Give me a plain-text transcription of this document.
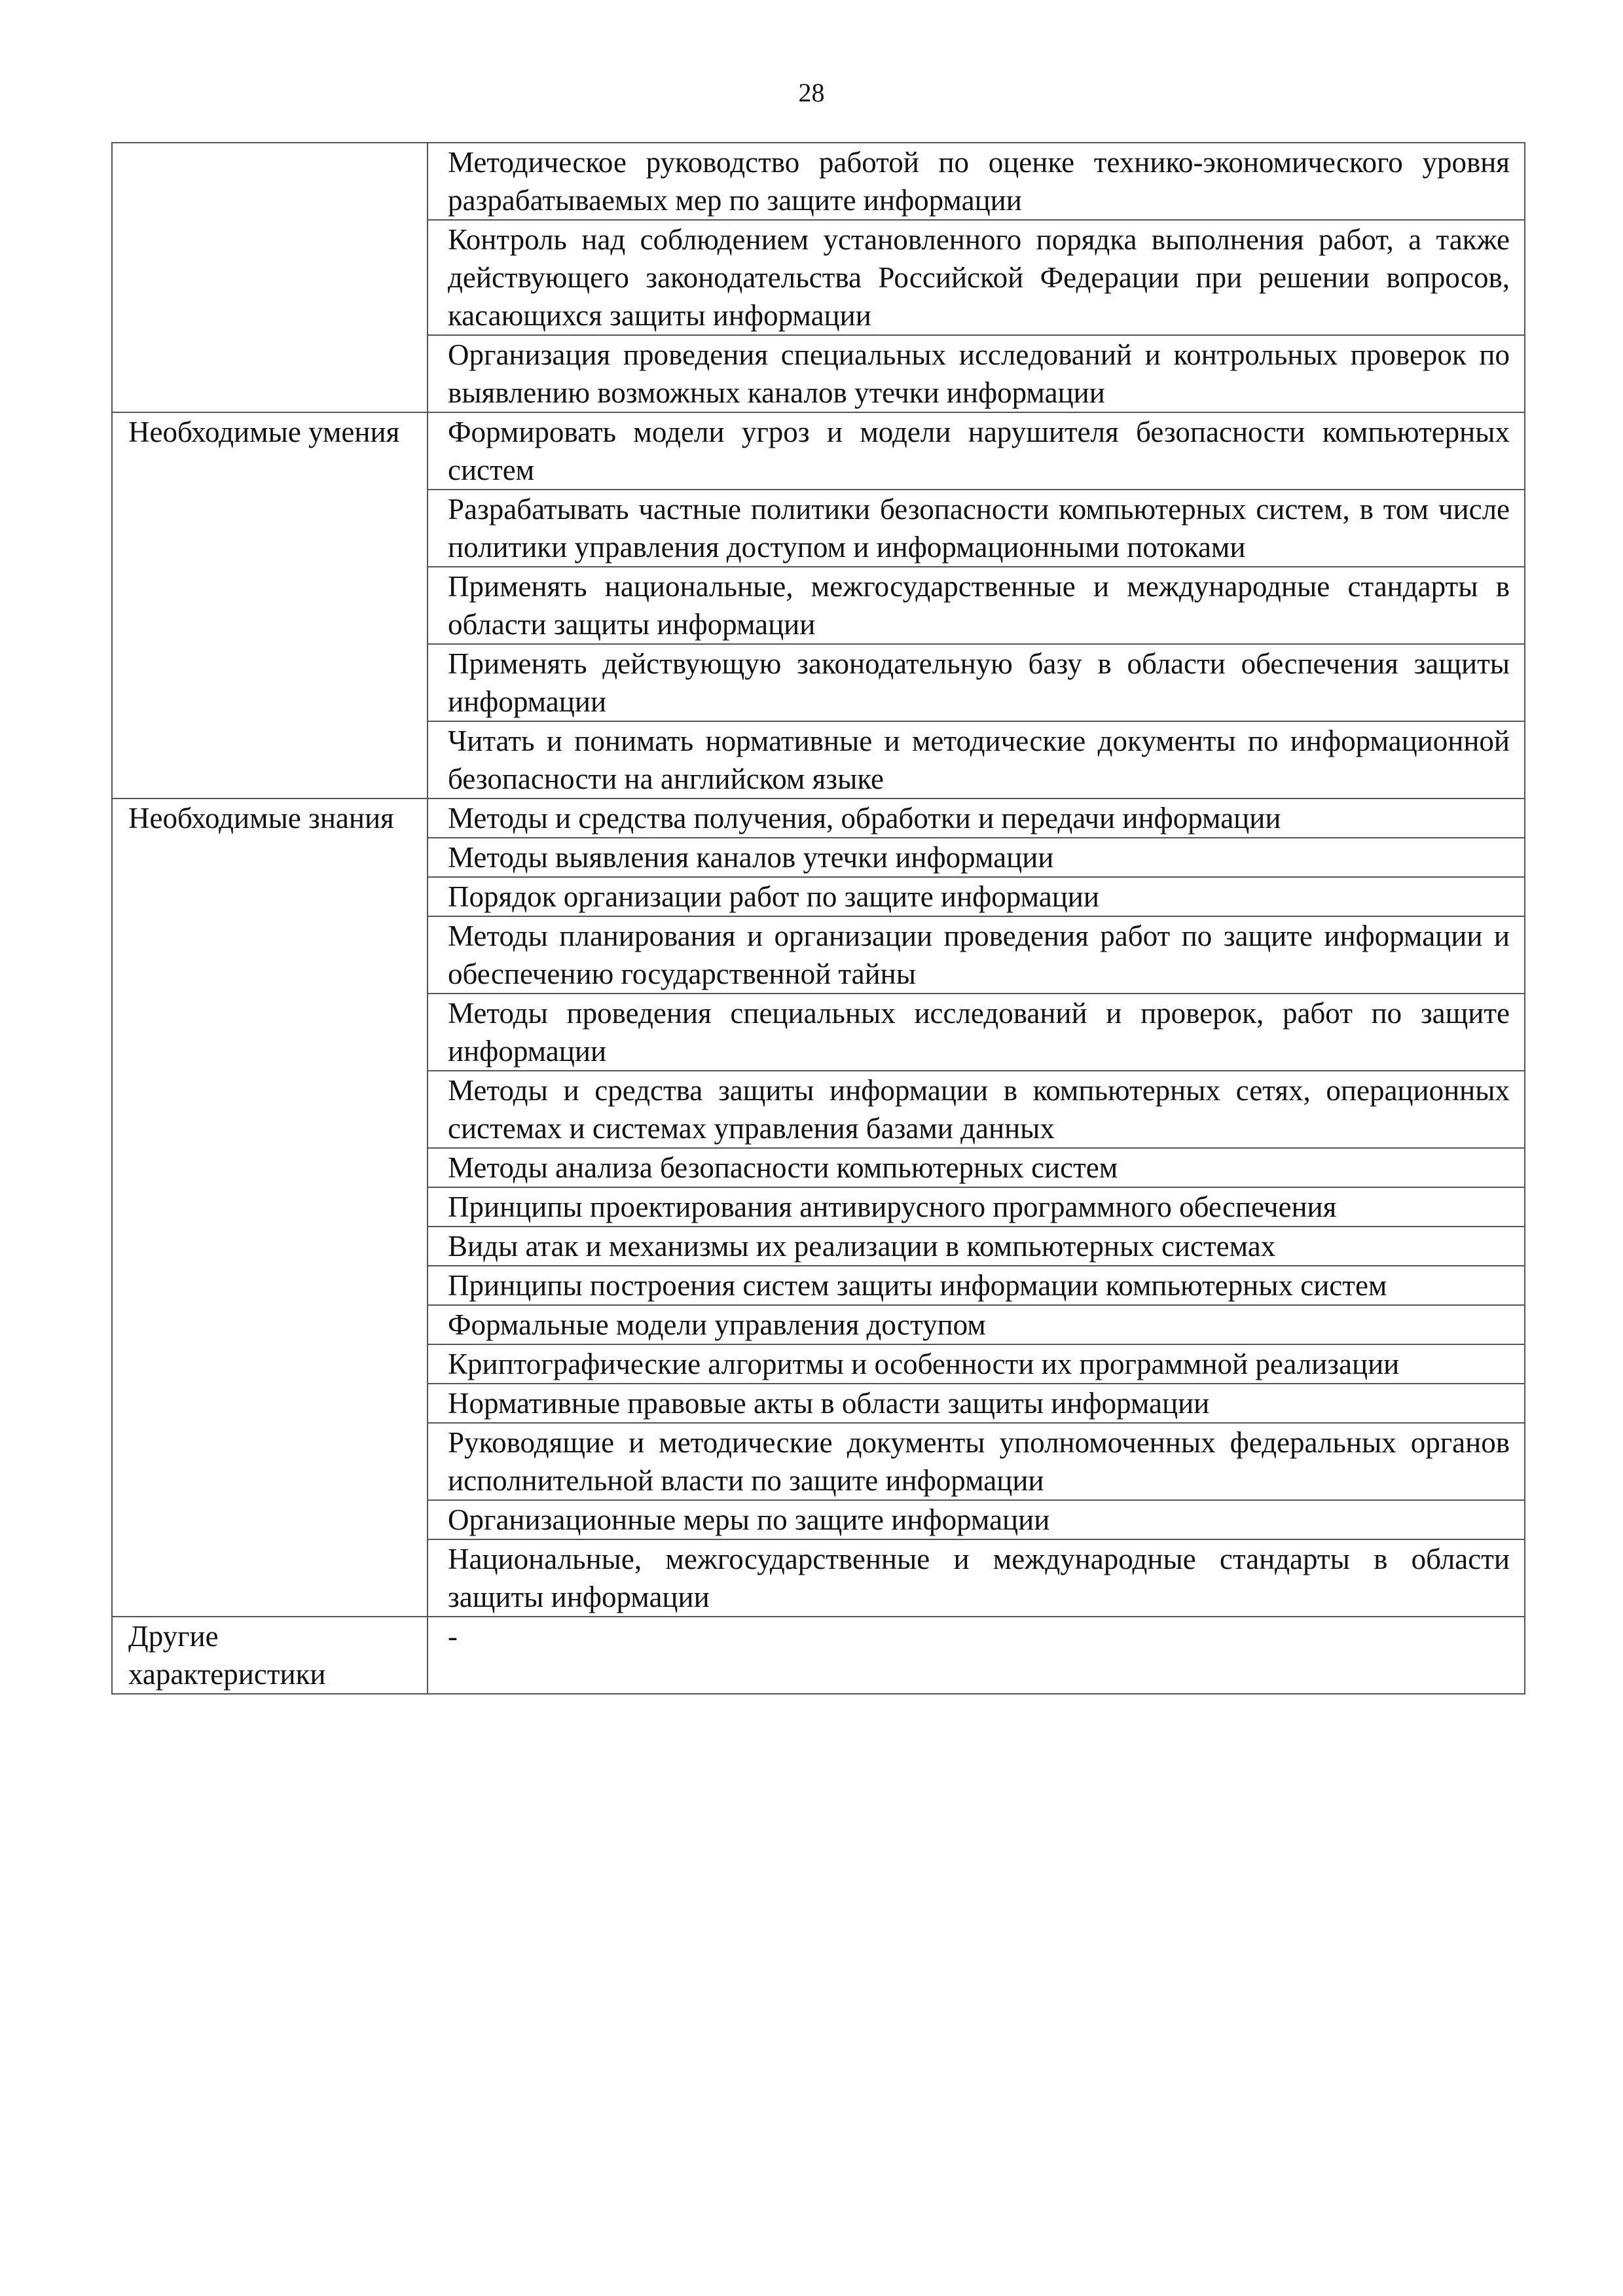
28
	Методическое руководство работой по оценке технико-экономического уровня разрабатываемых мер по защите информации
	Контроль над соблюдением установленного порядка выполнения работ, а также действующего законодательства Российской Федерации при решении вопросов, касающихся защиты информации
	Организация проведения специальных исследований и контрольных проверок по выявлению возможных каналов утечки информации
Необходимые умения	Формировать модели угроз и модели нарушителя безопасности компьютерных систем
	Разрабатывать частные политики безопасности компьютерных систем, в том числе политики управления доступом и информационными потоками
	Применять национальные, межгосударственные и международные стандарты в области защиты информации
	Применять действующую законодательную базу в области обеспечения защиты информации
	Читать и понимать нормативные и методические документы по информационной безопасности на английском языке
Необходимые знания	Методы и средства получения, обработки и передачи информации
	Методы выявления каналов утечки информации
	Порядок организации работ по защите информации
	Методы планирования и организации проведения работ по защите информации и обеспечению государственной тайны
	Методы проведения специальных исследований и проверок, работ по защите информации
	Методы и средства защиты информации в компьютерных сетях, операционных системах и системах управления базами данных
	Методы анализа безопасности компьютерных систем
	Принципы проектирования антивирусного программного обеспечения
	Виды атак и механизмы их реализации в компьютерных системах
	Принципы построения систем защиты информации компьютерных систем
	Формальные модели управления доступом
	Криптографические алгоритмы и особенности их программной реализации
	Нормативные правовые акты в области защиты информации
	Руководящие и методические документы уполномоченных федеральных органов исполнительной власти по защите информации
	Организационные меры по защите информации
	Национальные, межгосударственные и международные стандарты в области защиты информации
Другие характеристики	-
